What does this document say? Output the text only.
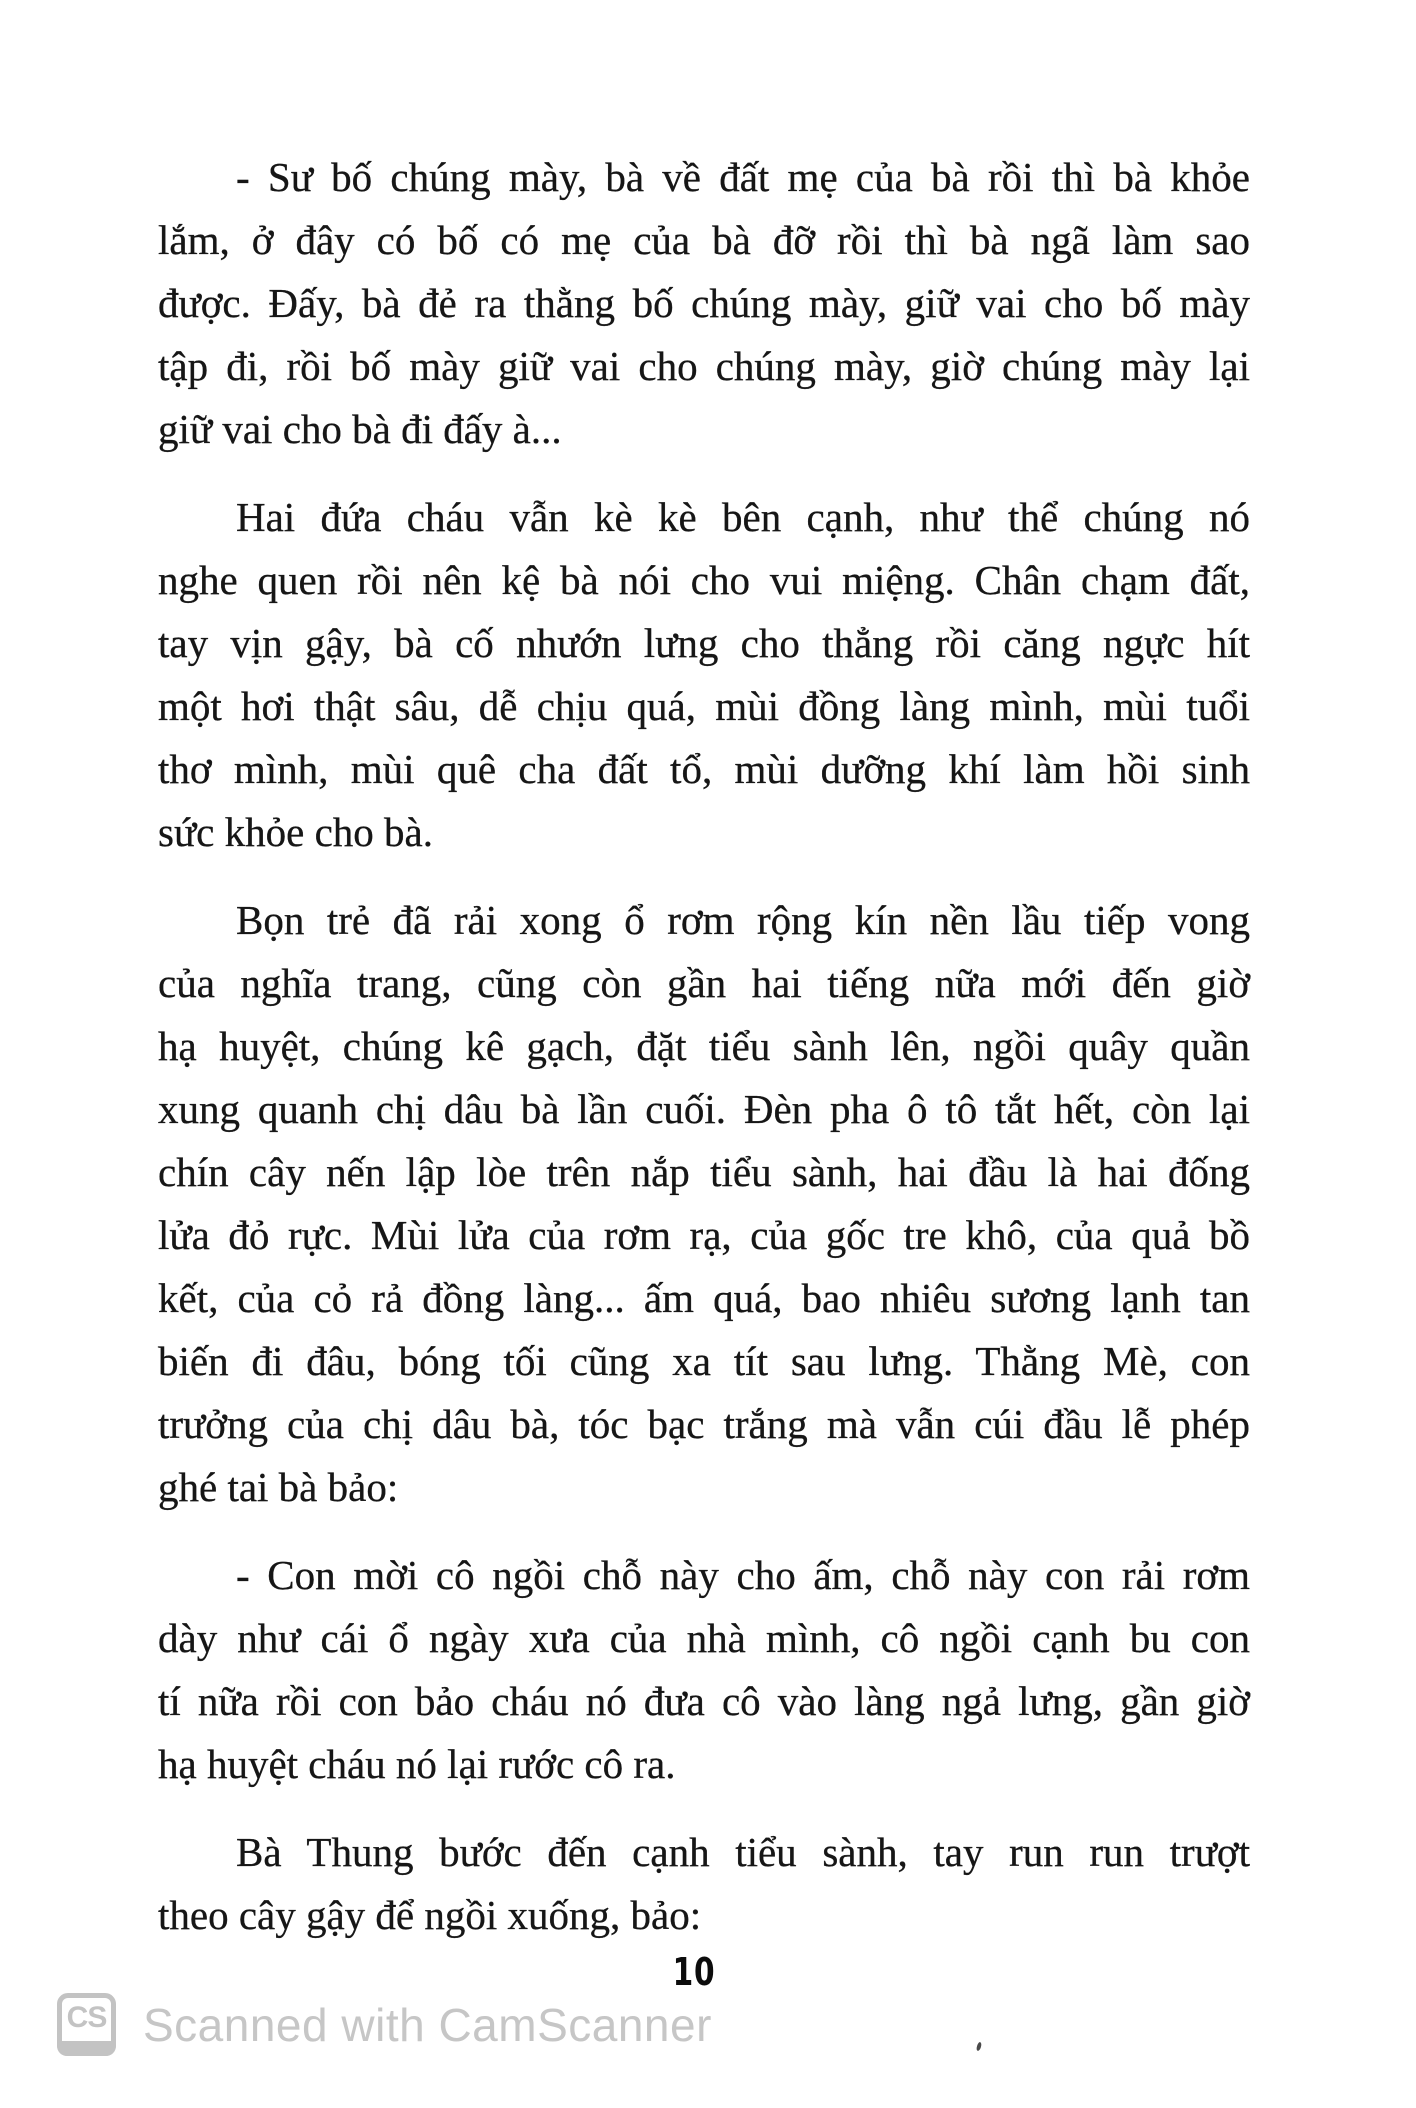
- Sư bố chúng mày, bà về đất mẹ của bà rồi thì bà khỏe
lắm, ở đây có bố có mẹ của bà đỡ rồi thì bà ngã làm sao
được. Đấy, bà đẻ ra thằng bố chúng mày, giữ vai cho bố mày
tập đi, rồi bố mày giữ vai cho chúng mày, giờ chúng mày lại
giữ vai cho bà đi đấy à...
Hai đứa cháu vẫn kè kè bên cạnh, như thể chúng nó
nghe quen rồi nên kệ bà nói cho vui miệng. Chân chạm đất,
tay vịn gậy, bà cố nhướn lưng cho thẳng rồi căng ngực hít
một hơi thật sâu, dễ chịu quá, mùi đồng làng mình, mùi tuổi
thơ mình, mùi quê cha đất tổ, mùi dưỡng khí làm hồi sinh
sức khỏe cho bà.
Bọn trẻ đã rải xong ổ rơm rộng kín nền lầu tiếp vong
của nghĩa trang, cũng còn gần hai tiếng nữa mới đến giờ
hạ huyệt, chúng kê gạch, đặt tiểu sành lên, ngồi quây quần
xung quanh chị dâu bà lần cuối. Đèn pha ô tô tắt hết, còn lại
chín cây nến lập lòe trên nắp tiểu sành, hai đầu là hai đống
lửa đỏ rực. Mùi lửa của rơm rạ, của gốc tre khô, của quả bồ
kết, của cỏ rả đồng làng... ấm quá, bao nhiêu sương lạnh tan
biến đi đâu, bóng tối cũng xa tít sau lưng. Thằng Mè, con
trưởng của chị dâu bà, tóc bạc trắng mà vẫn cúi đầu lễ phép
ghé tai bà bảo:
- Con mời cô ngồi chỗ này cho ấm, chỗ này con rải rơm
dày như cái ổ ngày xưa của nhà mình, cô ngồi cạnh bu con
tí nữa rồi con bảo cháu nó đưa cô vào làng ngả lưng, gần giờ
hạ huyệt cháu nó lại rước cô ra.
Bà Thung bước đến cạnh tiểu sành, tay run run trượt
theo cây gậy để ngồi xuống, bảo:
10
CS Scanned with CamScanner
